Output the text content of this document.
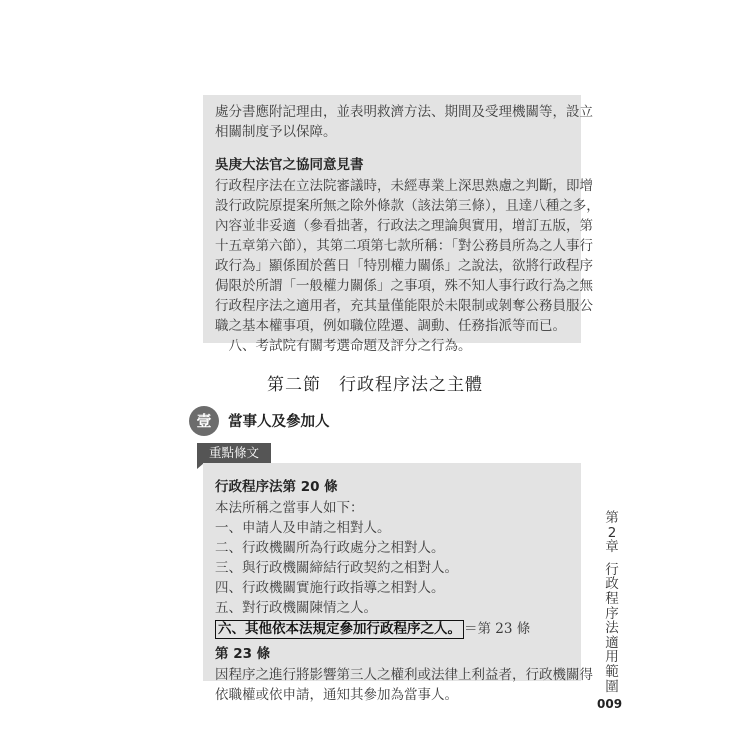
處分書應附記理由，並表明救濟方法、期間及受理機關等，設立

相關制度予以保障。

吳庚大法官之協同意見書

行政程序法在立法院審議時，未經專業上深思熟慮之判斷，即增

設行政院原提案所無之除外條款（該法第三條），且達八種之多，

內容並非妥適（參看拙著，行政法之理論與實用，增訂五版，第

十五章第六節），其第二項第七款所稱：「對公務員所為之人事行

政行為」顯係囿於舊日「特別權力關係」之說法，欲將行政程序

侷限於所謂「一般權力關係」之事項，殊不知人事行政行為之無

行政程序法之適用者，充其量僅能限於未限制或剝奪公務員服公

職之基本權事項，例如職位陞遷、調動、任務指派等而已。

　八、考試院有關考選命題及評分之行為。

第二節　行政程序法之主體
壹	當事人及參加人
重點條文

行政程序法第 20 條

本法所稱之當事人如下：

一、申請人及申請之相對人。

二、行政機關所為行政處分之相對人。

三、與行政機關締結行政契約之相對人。

四、行政機關實施行政指導之相對人。

五、對行政機關陳情之人。

六、其他依本法規定參加行政程序之人。 ＝第 23 條

第 23 條

因程序之進行將影響第三人之權利或法律上利益者，行政機關得

依職權或依申請，通知其參加為當事人。

第
2
章
行
政
程
序
法
適
用
範
圍
009
